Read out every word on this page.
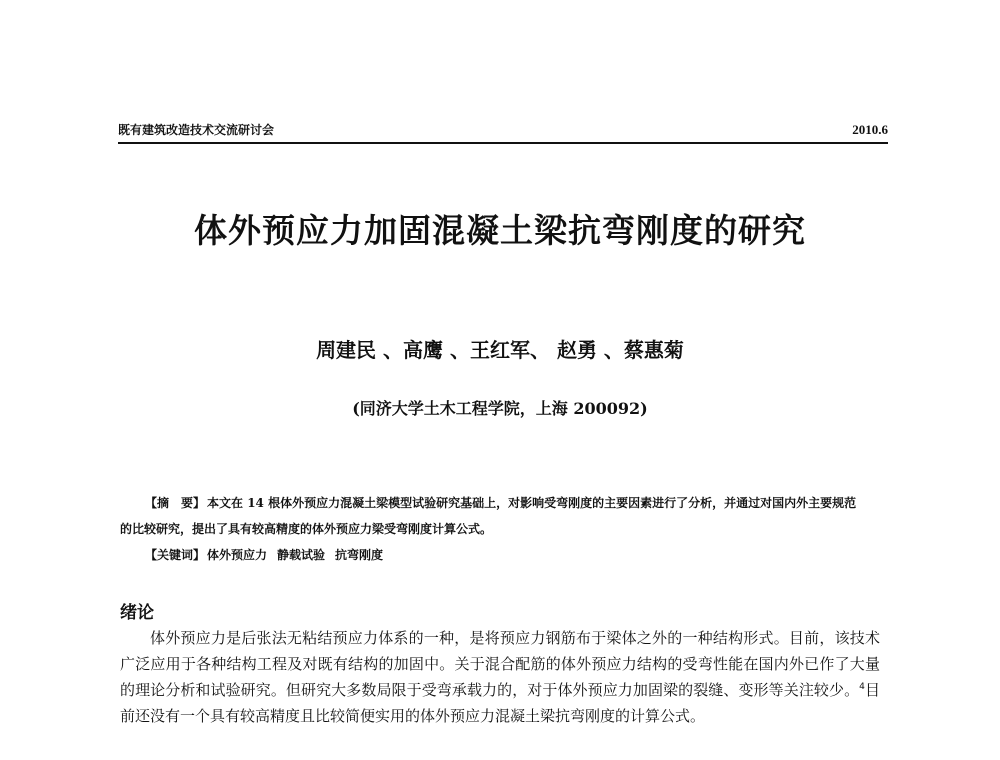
既有建筑改造技术交流研讨会	2010.6
体外预应力加固混凝土梁抗弯刚度的研究
周建民 、高鹰 、王红军、 赵勇 、蔡惠菊
(同济大学土木工程学院，上海 200092)
【摘　要】 本文在 14 根体外预应力混凝土梁模型试验研究基础上，对影响受弯刚度的主要因素进行了分析，并通过对国内外主要规范的比较研究，提出了具有较高精度的体外预应力梁受弯刚度计算公式。
【关键词】 体外预应力 静载试验 抗弯刚度
绪论
体外预应力是后张法无粘结预应力体系的一种，是将预应力钢筋布于梁体之外的一种结构形式。目前，该技术广泛应用于各种结构工程及对既有结构的加固中。关于混合配筋的体外预应力结构的受弯性能在国内外已作了大量的理论分析和试验研究。但研究大多数局限于受弯承载力的，对于体外预应力加固梁的裂缝、变形等关注较少。$^4$目前还没有一个具有较高精度且比较简便实用的体外预应力混凝土梁抗弯刚度的计算公式。
